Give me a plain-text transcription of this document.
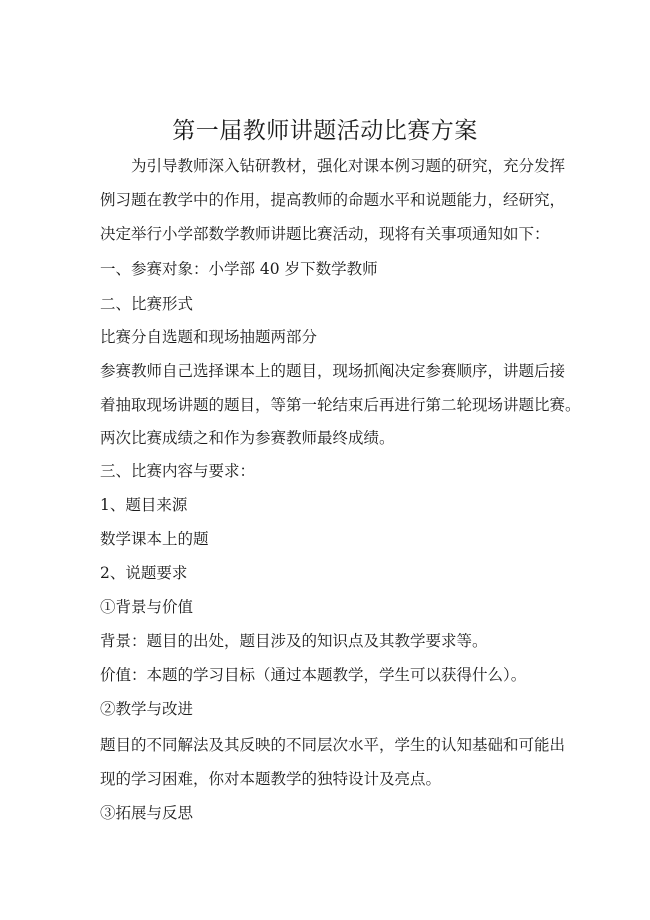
第一届教师讲题活动比赛方案
为引导教师深入钻研教材，强化对课本例习题的研究，充分发挥
例习题在教学中的作用，提高教师的命题水平和说题能力，经研究，
决定举行小学部数学教师讲题比赛活动，现将有关事项通知如下：
一、参赛对象：小学部 40 岁下数学教师
二、比赛形式
比赛分自选题和现场抽题两部分
参赛教师自己选择课本上的题目，现场抓阄决定参赛顺序，讲题后接
着抽取现场讲题的题目，等第一轮结束后再进行第二轮现场讲题比赛。
两次比赛成绩之和作为参赛教师最终成绩。
三、比赛内容与要求：
1、题目来源
数学课本上的题
2、说题要求
①背景与价值
背景：题目的出处，题目涉及的知识点及其教学要求等。
价值：本题的学习目标（通过本题教学，学生可以获得什么）。
②教学与改进
题目的不同解法及其反映的不同层次水平，学生的认知基础和可能出
现的学习困难，你对本题教学的独特设计及亮点。
③拓展与反思
